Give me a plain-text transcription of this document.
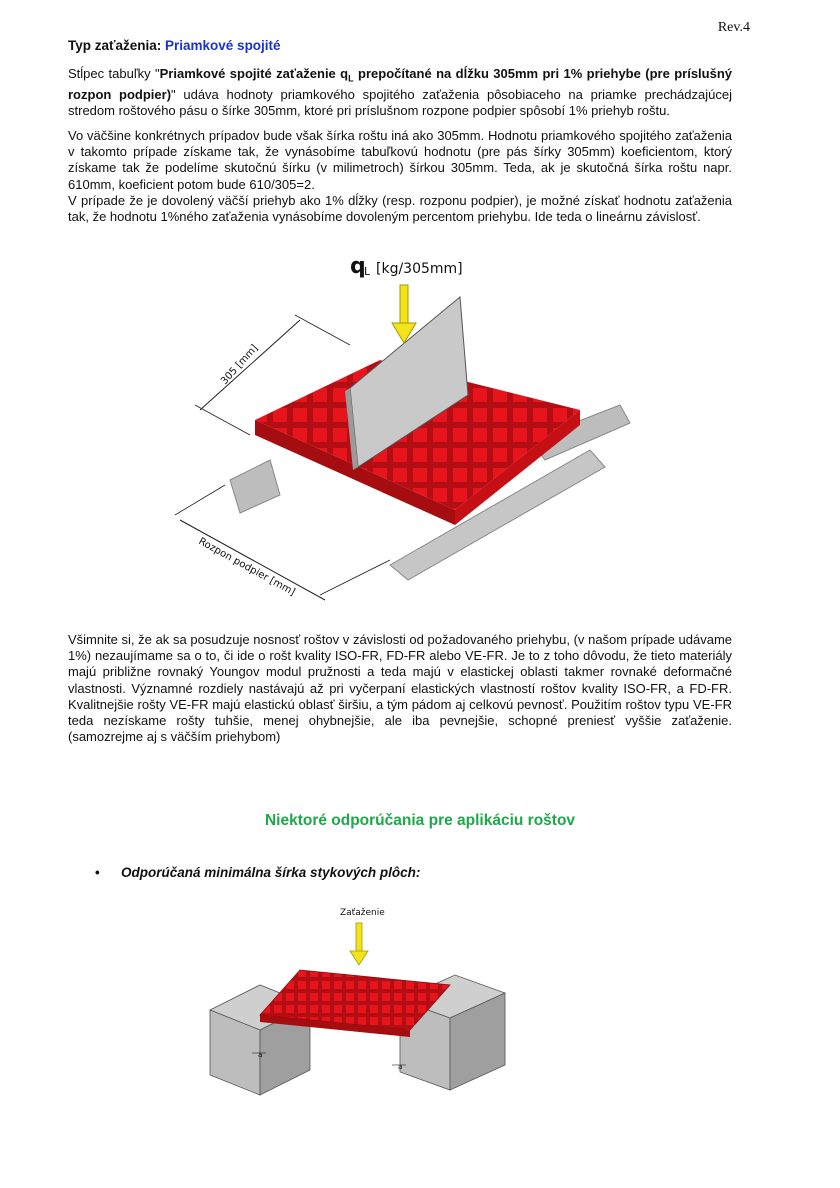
Rev.4
Typ zaťaženia: Priamkové spojité

Stĺpec tabuľky "Priamkové spojité zaťaženie $q_L$ prepočítané na dĺžku 305mm pri 1% priehybe (pre príslušný rozpon podpier)" udáva hodnoty priamkového spojitého zaťaženia pôsobiaceho na priamke prechádzajúcej stredom roštového pásu o šírke 305mm, ktoré pri príslušnom rozpone podpier spôsobí 1% priehyb roštu.

Vo väčšine konkrétnych prípadov bude však šírka roštu iná ako 305mm. Hodnotu priamkového spojitého zaťaženia v takomto prípade získame tak, že vynásobíme tabuľkovú hodnotu (pre pás šírky 305mm) koeficientom, ktorý získame tak že podelíme skutočnú šírku (v milimetroch) šírkou 305mm. Teda, ak je skutočná šírka roštu napr. 610mm, koeficient potom bude 610/305=2.

V prípade že je dovolený väčší priehyb ako 1% dĺžky (resp. rozponu podpier), je možné získať hodnotu zaťaženia tak, že hodnotu 1%ného zaťaženia vynásobíme dovoleným percentom priehybu. Ide teda o lineárnu závislosť.

q
L [kg/305mm]
305 [mm]
Rozpon podpier [mm]

Všimnite si, že ak sa posudzuje nosnosť roštov v závislosti od požadovaného priehybu, (v našom prípade udávame 1%) nezaujímame sa o to, či ide o rošt kvality ISO-FR, FD-FR alebo VE-FR. Je to z toho dôvodu, že tieto materiály majú približne rovnaký Youngov modul pružnosti a teda majú v elastickej oblasti takmer rovnaké deformačné vlastnosti. Významné rozdiely nastávajú až pri vyčerpaní elastických vlastností roštov kvality ISO-FR, a FD-FR. Kvalitnejšie rošty VE-FR majú elastickú oblasť širšiu, a tým pádom aj celkovú pevnosť. Použitím roštov typu VE-FR teda nezískame rošty tuhšie, menej ohybnejšie, ale iba pevnejšie, schopné preniesť vyššie zaťaženie. (samozrejme aj s väčším priehybom)

Niektoré odporúčania pre aplikáciu roštov
• Odporúčaná minimálna šírka stykových plôch:
Zaťaženie
a
a
